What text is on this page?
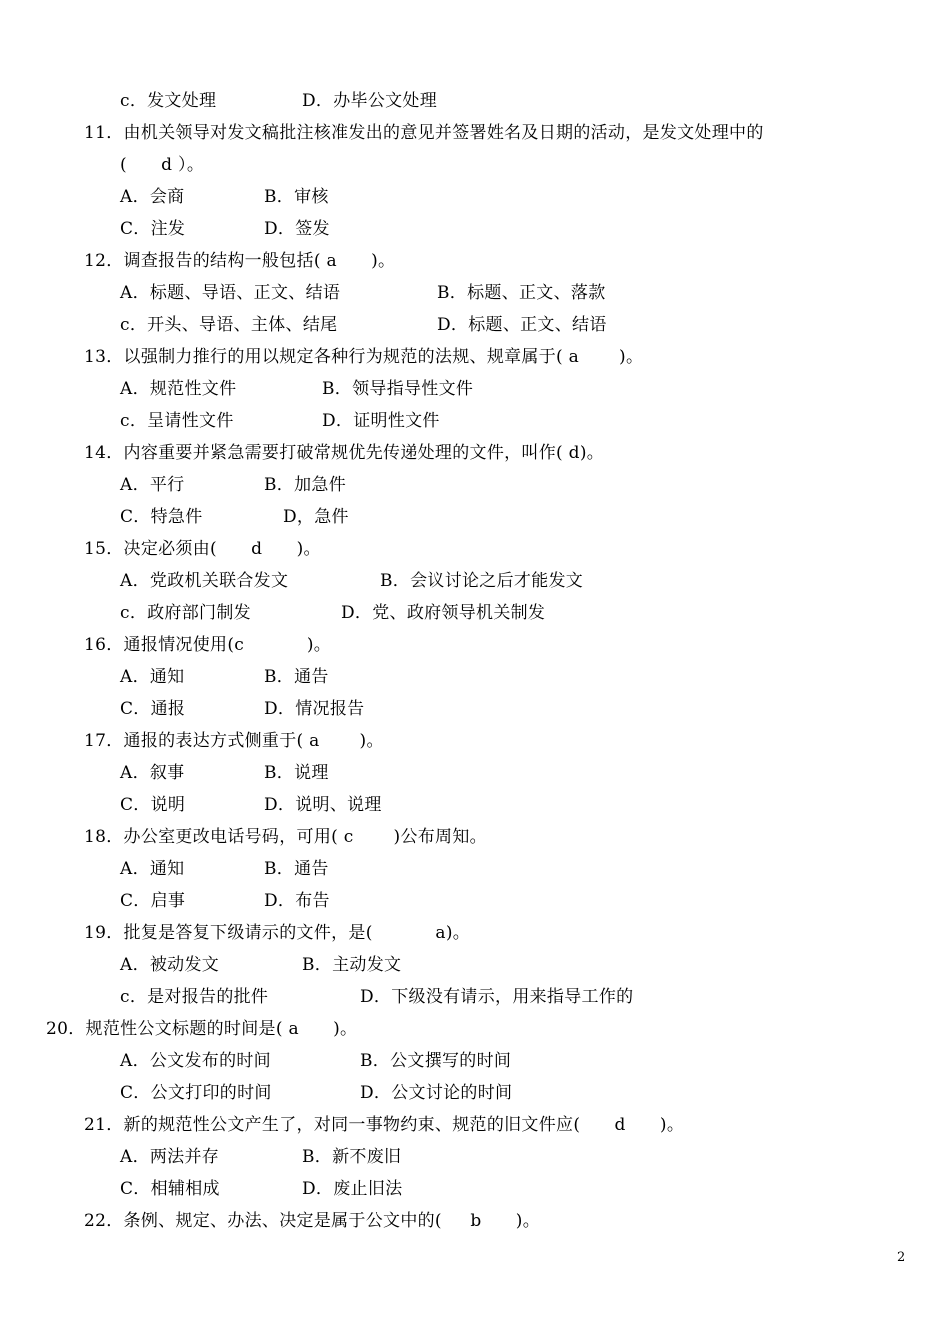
c．发文处理	D．办毕公文处理
11．由机关领导对发文稿批注核准发出的意见并签署姓名及日期的活动，是发文处理中的
(      d ）。
A．会商	B．审核
C．注发	D．签发
12．调查报告的结构一般包括( a      )。
A．标题、导语、正文、结语	B．标题、正文、落款
c．开头、导语、主体、结尾	D．标题、正文、结语
13．以强制力推行的用以规定各种行为规范的法规、规章属于( a       )。
A．规范性文件	B．领导指导性文件
c．呈请性文件	D．证明性文件
14．内容重要并紧急需要打破常规优先传递处理的文件，叫作( d)。
A．平行	B．加急件
C．特急件	D，急件
15．决定必须由(      d      )。
A．党政机关联合发文	B．会议讨论之后才能发文
c．政府部门制发	D．党、政府领导机关制发
16．通报情况使用(c           )。
A．通知	B．通告
C．通报	D．情况报告
17．通报的表达方式侧重于( a       )。
A．叙事	B．说理
C．说明	D．说明、说理
18．办公室更改电话号码，可用( c       )公布周知。
A．通知	B．通告
C．启事	D．布告
19．批复是答复下级请示的文件，是(           a)。
A．被动发文	B．主动发文
c．是对报告的批件	D．下级没有请示，用来指导工作的
20．规范性公文标题的时间是( a      )。
A．公文发布的时间	B．公文撰写的时间
C．公文打印的时间	D．公文讨论的时间
21．新的规范性公文产生了，对同一事物约束、规范的旧文件应(      d      )。
A．两法并存	B．新不废旧
C．相辅相成	D．废止旧法
22．条例、规定、办法、决定是属于公文中的(     b      )。
2
